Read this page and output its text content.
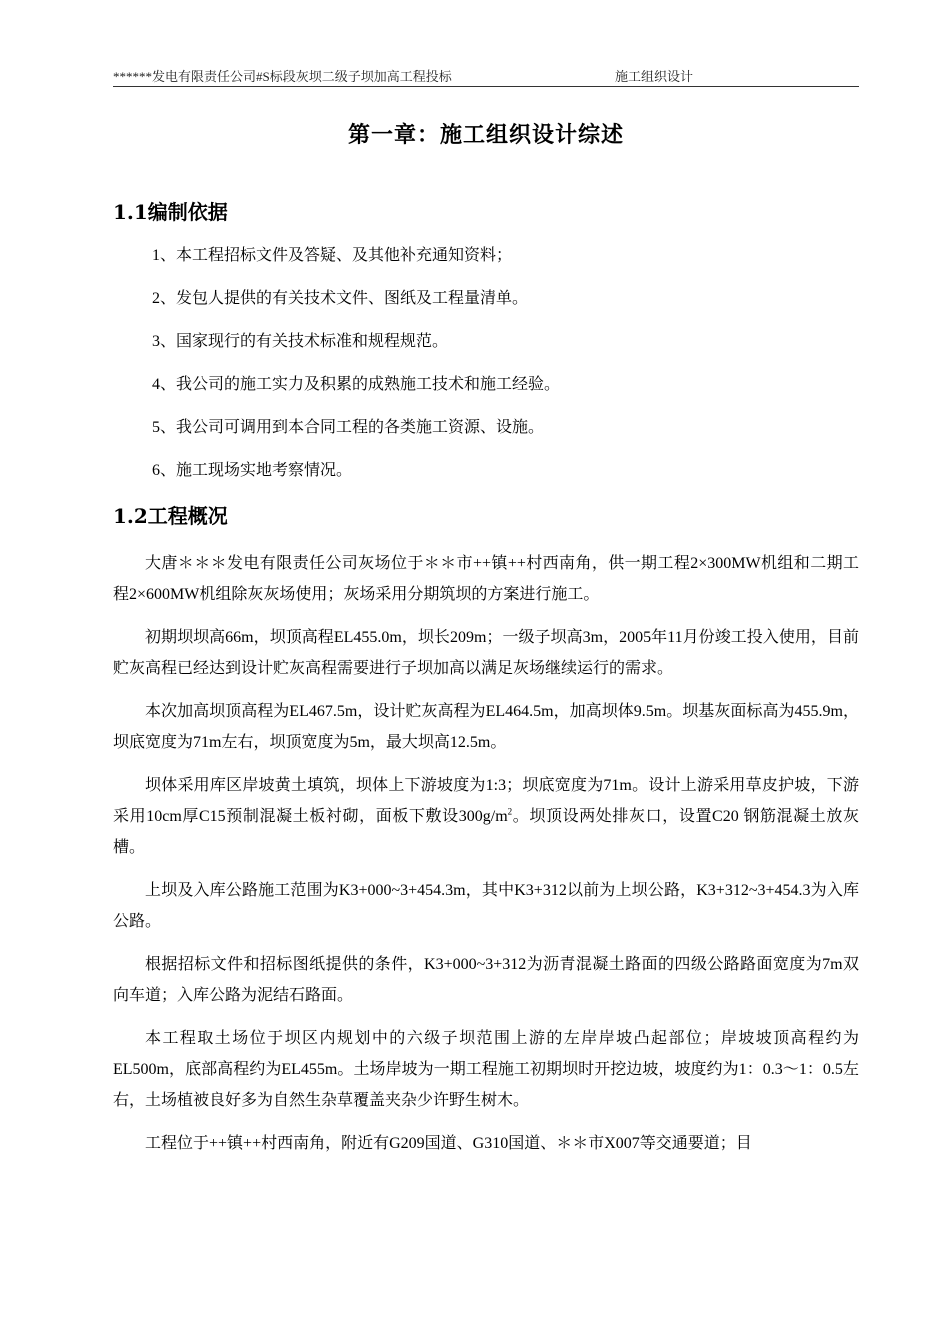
******发电有限责任公司#S标段灰坝二级子坝加高工程投标	施工组织设计
第一章：施工组织设计综述
1.1编制依据
1、本工程招标文件及答疑、及其他补充通知资料；
2、发包人提供的有关技术文件、图纸及工程量清单。
3、国家现行的有关技术标准和规程规范。
4、我公司的施工实力及积累的成熟施工技术和施工经验。
5、我公司可调用到本合同工程的各类施工资源、设施。
6、施工现场实地考察情况。
1.2工程概况

大唐＊＊＊发电有限责任公司灰场位于＊＊市++镇++村西南角，供一期工程2×300MW机组和二期工程2×600MW机组除灰灰场使用；灰场采用分期筑坝的方案进行施工。

初期坝坝高66m，坝顶高程EL455.0m，坝长209m；一级子坝高3m，2005年11月份竣工投入使用，目前贮灰高程已经达到设计贮灰高程需要进行子坝加高以满足灰场继续运行的需求。

本次加高坝顶高程为EL467.5m，设计贮灰高程为EL464.5m，加高坝体9.5m。坝基灰面标高为455.9m，坝底宽度为71m左右，坝顶宽度为5m，最大坝高12.5m。

坝体采用库区岸坡黄土填筑，坝体上下游坡度为1:3；坝底宽度为71m。设计上游采用草皮护坡，下游采用10cm厚C15预制混凝土板衬砌，面板下敷设$300g/m^2$。坝顶设两处排灰口，设置C20 钢筋混凝土放灰槽。

上坝及入库公路施工范围为K3+000~3+454.3m，其中K3+312以前为上坝公路，K3+312~3+454.3为入库公路。

根据招标文件和招标图纸提供的条件，K3+000~3+312为沥青混凝土路面的四级公路路面宽度为7m双向车道；入库公路为泥结石路面。

本工程取土场位于坝区内规划中的六级子坝范围上游的左岸岸坡凸起部位；岸坡坡顶高程约为EL500m，底部高程约为EL455m。土场岸坡为一期工程施工初期坝时开挖边坡，坡度约为1：0.3～1：0.5左右，土场植被良好多为自然生杂草覆盖夹杂少许野生树木。

工程位于++镇++村西南角，附近有G209国道、G310国道、＊＊市X007等交通要道；目
